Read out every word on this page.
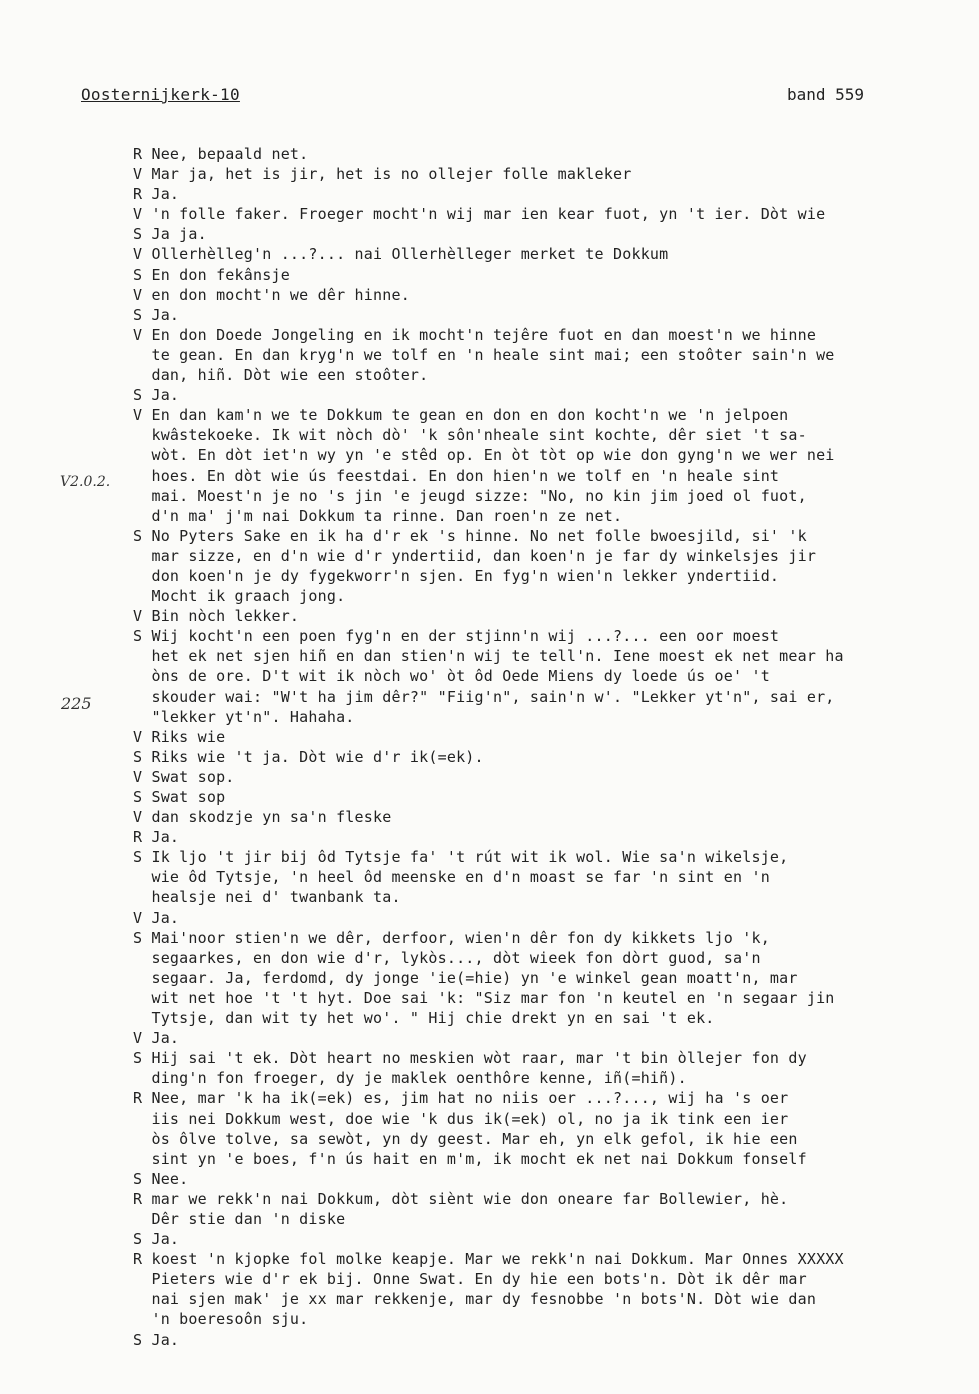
Oosternijkerk-10	band 559
V2.0.2.
225
R Nee, bepaald net.
V Mar ja, het is jir, het is no ollejer folle makleker
R Ja.
V 'n folle faker. Froeger mocht'n wij mar ien kear fuot, yn 't ier. Dòt wie
S Ja ja.
V Ollerhèlleg'n ...?... nai Ollerhèlleger merket te Dokkum
S En don fekânsje
V en don mocht'n we dêr hinne.
S Ja.
V En don Doede Jongeling en ik mocht'n tejêre fuot en dan moest'n we hinne
te gean. En dan kryg'n we tolf en 'n heale sint mai; een stoôter sain'n we
dan, hiñ. Dòt wie een stoôter.
S Ja.
V En dan kam'n we te Dokkum te gean en don en don kocht'n we 'n jelpoen
kwâstekoeke. Ik wit nòch dò' 'k sôn'nheale sint kochte, dêr siet 't sa-
wòt. En dòt iet'n wy yn 'e stêd op. En òt tòt op wie don gyng'n we wer nei
hoes. En dòt wie ús feestdai. En don hien'n we tolf en 'n heale sint
mai. Moest'n je no 's jin 'e jeugd sizze: "No, no kin jim joed ol fuot,
d'n ma' j'm nai Dokkum ta rinne. Dan roen'n ze net.
S No Pyters Sake en ik ha d'r ek 's hinne. No net folle bwoesjild, si' 'k
mar sizze, en d'n wie d'r yndertiid, dan koen'n je far dy winkelsjes jir
don koen'n je dy fygekworr'n sjen. En fyg'n wien'n lekker yndertiid.
Mocht ik graach jong.
V Bin nòch lekker.
S Wij kocht'n een poen fyg'n en der stjinn'n wij ...?... een oor moest
het ek net sjen hiñ en dan stien'n wij te tell'n. Iene moest ek net mear ha
òns de ore. D't wit ik nòch wo' òt ôd Oede Miens dy loede ús oe' 't
skouder wai: "W't ha jim dêr?" "Fiig'n", sain'n w'. "Lekker yt'n", sai er,
"lekker yt'n". Hahaha.
V Riks wie
S Riks wie 't ja. Dòt wie d'r ik(=ek).
V Swat sop.
S Swat sop
V dan skodzje yn sa'n fleske
R Ja.
S Ik ljo 't jir bij ôd Tytsje fa' 't rút wit ik wol. Wie sa'n wikelsje,
wie ôd Tytsje, 'n heel ôd meenske en d'n moast se far 'n sint en 'n
healsje nei d' twanbank ta.
V Ja.
S Mai'noor stien'n we dêr, derfoor, wien'n dêr fon dy kikkets ljo 'k,
segaarkes, en don wie d'r, lykòs..., dòt wieek fon dòrt guod, sa'n
segaar. Ja, ferdomd, dy jonge 'ie(=hie) yn 'e winkel gean moatt'n, mar
wit net hoe 't 't hyt. Doe sai 'k: "Siz mar fon 'n keutel en 'n segaar jin
Tytsje, dan wit ty het wo'. " Hij chie drekt yn en sai 't ek.
V Ja.
S Hij sai 't ek. Dòt heart no meskien wòt raar, mar 't bin òllejer fon dy
ding'n fon froeger, dy je maklek oenthôre kenne, iñ(=hiñ).
R Nee, mar 'k ha ik(=ek) es, jim hat no niis oer ...?..., wij ha 's oer
iis nei Dokkum west, doe wie 'k dus ik(=ek) ol, no ja ik tink een ier
òs ôlve tolve, sa sewòt, yn dy geest. Mar eh, yn elk gefol, ik hie een
sint yn 'e boes, f'n ús hait en m'm, ik mocht ek net nai Dokkum fonself
S Nee.
R mar we rekk'n nai Dokkum, dòt siènt wie don oneare far Bollewier, hè.
Dêr stie dan 'n diske
S Ja.
R koest 'n kjopke fol molke keapje. Mar we rekk'n nai Dokkum. Mar Onnes XXXXX
Pieters wie d'r ek bij. Onne Swat. En dy hie een bots'n. Dòt ik dêr mar
nai sjen mak' je xx mar rekkenje, mar dy fesnobbe 'n bots'N. Dòt wie dan
'n boeresoôn sju.
S Ja.
